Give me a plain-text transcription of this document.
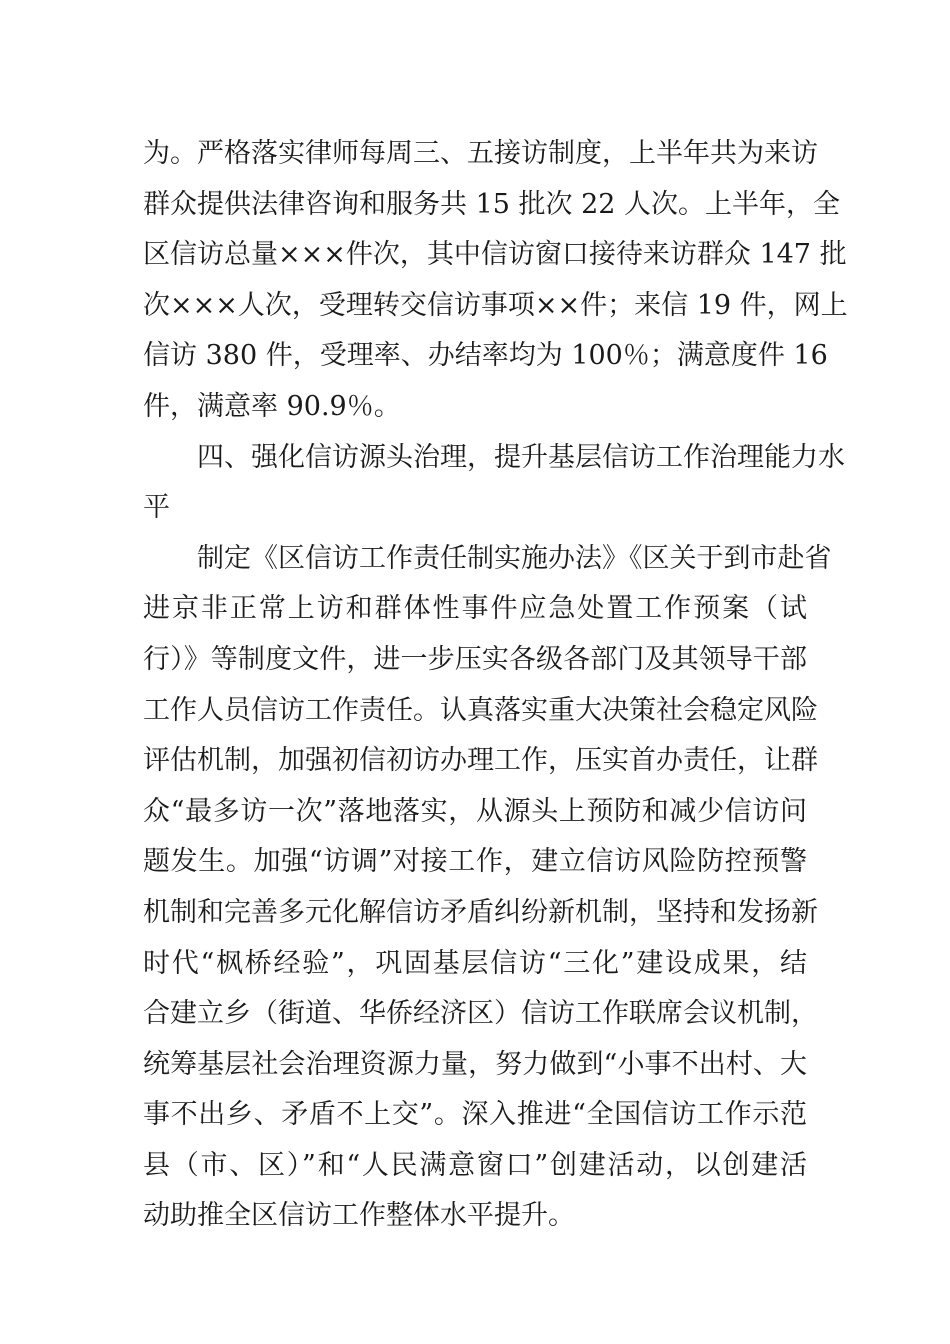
为。严格落实律师每周三、五接访制度，上半年共为来访
群众提供法律咨询和服务共 15 批次 22 人次。上半年，全
区信访总量×××件次，其中信访窗口接待来访群众 147 批
次×××人次，受理转交信访事项××件；来信 19 件，网上
信访 380 件，受理率、办结率均为 100％；满意度件 16
件，满意率 90.9％。
　　四、强化信访源头治理，提升基层信访工作治理能力水
平
　　制定《区信访工作责任制实施办法》《区关于到市赴省
进京非正常上访和群体性事件应急处置工作预案（试
行）》等制度文件，进一步压实各级各部门及其领导干部
工作人员信访工作责任。认真落实重大决策社会稳定风险
评估机制，加强初信初访办理工作，压实首办责任，让群
众“最多访一次”落地落实，从源头上预防和减少信访问
题发生。加强“访调”对接工作，建立信访风险防控预警
机制和完善多元化解信访矛盾纠纷新机制，坚持和发扬新
时代“枫桥经验”，巩固基层信访“三化”建设成果，结
合建立乡（街道、华侨经济区）信访工作联席会议机制，
统筹基层社会治理资源力量，努力做到“小事不出村、大
事不出乡、矛盾不上交”。深入推进“全国信访工作示范
县（市、区）”和“人民满意窗口”创建活动，以创建活
动助推全区信访工作整体水平提升。
